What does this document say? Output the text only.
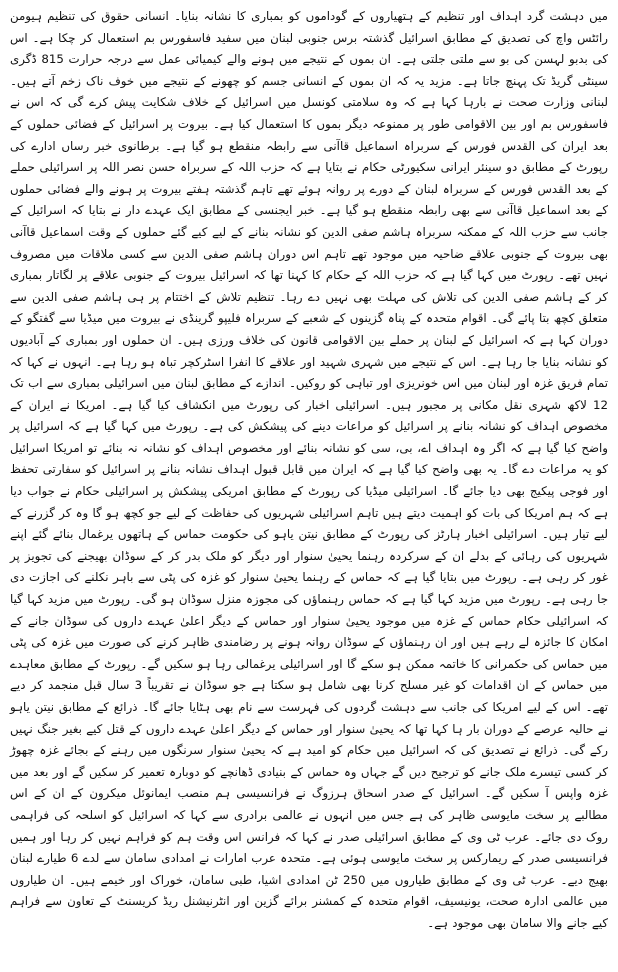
میں دہشت گرد اہداف اور تنظیم کے ہتھیاروں کے گوداموں کو بمباری کا نشانہ بنایا۔ انسانی حقوق کی تنظیم ہیومن رائٹس واچ کی تصدیق کے مطابق اسرائیل گذشتہ برس جنوبی لبنان میں سفید فاسفورس بم استعمال کر چکا ہے۔ اس کی بدبو لہسن کی بو سے ملتی جلتی ہے۔ ان بموں کے نتیجے میں ہونے والے کیمیائی عمل سے درجہ حرارت 815 ڈگری سینٹی گریڈ تک پہنچ جاتا ہے۔ مزید یہ کہ ان بموں کے انسانی جسم کو چھونے کے نتیجے میں خوف ناک زخم آتے ہیں۔ لبنانی وزارت صحت نے بارہا کہا ہے کہ وہ سلامتی کونسل میں اسرائیل کے خلاف شکایت پیش کرے گی کہ اس نے فاسفورس بم اور بین الاقوامی طور پر ممنوعہ دیگر بموں کا استعمال کیا ہے۔ بیروت پر اسرائیل کے فضائی حملوں کے بعد ایران کی القدس فورس کے سربراہ اسماعیل قاآنی سے رابطہ منقطع ہو گیا ہے۔ برطانوی خبر رساں ادارے کی رپورٹ کے مطابق دو سینئر ایرانی سکیورٹی حکام نے بتایا ہے کہ حزب اللہ کے سربراہ حسن نصر اللہ پر اسرائیلی حملے کے بعد القدس فورس کے سربراہ لبنان کے دورے پر روانہ ہوئے تھے تاہم گذشتہ ہفتے بیروت پر ہونے والے فضائی حملوں کے بعد اسماعیل قاآنی سے بھی رابطہ منقطع ہو گیا ہے۔ خبر ایجنسی کے مطابق ایک عہدے دار نے بتایا کہ اسرائیل کے جانب سے حزب اللہ کے ممکنہ سربراہ ہاشم صفی الدین کو نشانہ بنانے کے لیے کیے گئے حملوں کے وقت اسماعیل قاآنی بھی بیروت کے جنوبی علاقے ضاحیہ میں موجود تھے تاہم اس دوران ہاشم صفی الدین سے کسی ملاقات میں مصروف نہیں تھے۔ رپورٹ میں کہا گیا ہے کہ حزب اللہ کے حکام کا کہنا تھا کہ اسرائیل بیروت کے جنوبی علاقے پر لگاتار بمباری کر کے ہاشم صفی الدین کی تلاش کی مہلت بھی نہیں دے رہا۔ تنظیم تلاش کے اختتام پر ہی ہاشم صفی الدین سے متعلق کچھ بتا پائے گی۔ اقوام متحدہ کے پناہ گزینوں کے شعبے کے سربراہ فلیپو گرینڈی نے بیروت میں میڈیا سے گفتگو کے دوران کہا ہے کہ اسرائیل کے لبنان پر حملے بین الاقوامی قانون کی خلاف ورزی ہیں۔ ان حملوں اور بمباری کے آبادیوں کو نشانہ بنایا جا رہا ہے۔ اس کے نتیجے میں شہری شہید اور علاقے کا انفرا اسٹرکچر تباہ ہو رہا ہے۔ انہوں نے کہا کہ تمام فریق غزہ اور لبنان میں اس خونریزی اور تباہی کو روکیں۔ اندازے کے مطابق لبنان میں اسرائیلی بمباری سے اب تک 12 لاکھ شہری نقل مکانی پر مجبور ہیں۔ اسرائیلی اخبار کی رپورٹ میں انکشاف کیا گیا ہے۔ امریکا نے ایران کے مخصوص اہداف کو نشانہ بنانے پر اسرائیل کو مراعات دینے کی پیشکش کی ہے۔ رپورٹ میں کہا گیا ہے کہ اسرائیل پر واضح کیا گیا ہے کہ اگر وہ اہداف اے، بی، سی کو نشانہ بنائے اور مخصوص اہداف کو نشانہ نہ بنائے تو امریکا اسرائیل کو یہ مراعات دے گا۔ یہ بھی واضح کیا گیا ہے کہ ایران میں قابل قبول اہداف نشانہ بنانے پر اسرائیل کو سفارتی تحفظ اور فوجی پیکیج بھی دیا جائے گا۔ اسرائیلی میڈیا کی رپورٹ کے مطابق امریکی پیشکش پر اسرائیلی حکام نے جواب دیا ہے کہ ہم امریکا کی بات کو اہمیت دیتے ہیں تاہم اسرائیلی شہریوں کی حفاظت کے لیے جو کچھ ہو گا وہ کر گزرنے کے لیے تیار ہیں۔ اسرائیلی اخبار ہارٹز کی رپورٹ کے مطابق نیتن یاہو کی حکومت حماس کے ہاتھوں یرغمال بنائے گئے اپنے شہریوں کی رہائی کے بدلے ان کے سرکردہ رہنما یحییٰ سنوار اور دیگر کو ملک بدر کر کے سوڈان بھیجنے کی تجویز پر غور کر رہی ہے۔ رپورٹ میں بتایا گیا ہے کہ حماس کے رہنما یحییٰ سنوار کو غزہ کی پٹی سے باہر نکلنے کی اجازت دی جا رہی ہے۔ رپورٹ میں مزید کہا گیا ہے کہ حماس رہنماؤں کی مجوزہ منزل سوڈان ہو گی۔ رپورٹ میں مزید کہا گیا کہ اسرائیلی حکام حماس کے غزہ میں موجود یحییٰ سنوار اور حماس کے دیگر اعلیٰ عہدے داروں کی سوڈان جانے کے امکان کا جائزہ لے رہے ہیں اور ان رہنماؤں کے سوڈان روانہ ہونے پر رضامندی ظاہر کرنے کی صورت میں غزہ کی پٹی میں حماس کی حکمرانی کا خاتمہ ممکن ہو سکے گا اور اسرائیلی یرغمالی رہا ہو سکیں گے۔ رپورٹ کے مطابق معاہدے میں حماس کے ان اقدامات کو غیر مسلح کرنا بھی شامل ہو سکتا ہے جو سوڈان نے تقریباً 3 سال قبل منجمد کر دیے تھے۔ اس کے لیے امریکا کی جانب سے دہشت گردوں کی فہرست سے نام بھی ہٹایا جائے گا۔ ذرائع کے مطابق نیتن یاہو نے حالیہ عرصے کے دوران بار ہا کہا تھا کہ یحییٰ سنوار اور حماس کے دیگر اعلیٰ عہدے داروں کے قتل کیے بغیر جنگ نہیں رکے گی۔ ذرائع نے تصدیق کی کہ اسرائیل میں حکام کو امید ہے کہ یحییٰ سنوار سرنگوں میں رہنے کے بجائے غزہ چھوڑ کر کسی تیسرے ملک جانے کو ترجیح دیں گے جہاں وہ حماس کے بنیادی ڈھانچے کو دوبارہ تعمیر کر سکیں گے اور بعد میں غزہ واپس آ سکیں گے۔ اسرائیل کے صدر اسحاق ہرزوگ نے فرانسیسی ہم منصب ایمانوئل میکرون کے ان کے اس مطالبے پر سخت مایوسی ظاہر کی ہے جس میں انہوں نے عالمی برادری سے کہا کہ اسرائیل کو اسلحہ کی فراہمی روک دی جائے۔ عرب ٹی وی کے مطابق اسرائیلی صدر نے کہا کہ فرانس اس وقت ہم کو فراہم نہیں کر رہا اور ہمیں فرانسیسی صدر کے ریمارکس پر سخت مایوسی ہوئی ہے۔ متحدہ عرب امارات نے امدادی سامان سے لدے 6 طیارے لبنان بھیج دیے۔ عرب ٹی وی کے مطابق طیاروں میں 250 ٹن امدادی اشیا، طبی سامان، خوراک اور خیمے ہیں۔ ان طیاروں میں عالمی ادارہ صحت، یونیسیف، اقوام متحدہ کے کمشنر برائے گزین اور انٹرنیشنل ریڈ کریسنٹ کے تعاون سے فراہم کیے جانے والا سامان بھی موجود ہے۔
